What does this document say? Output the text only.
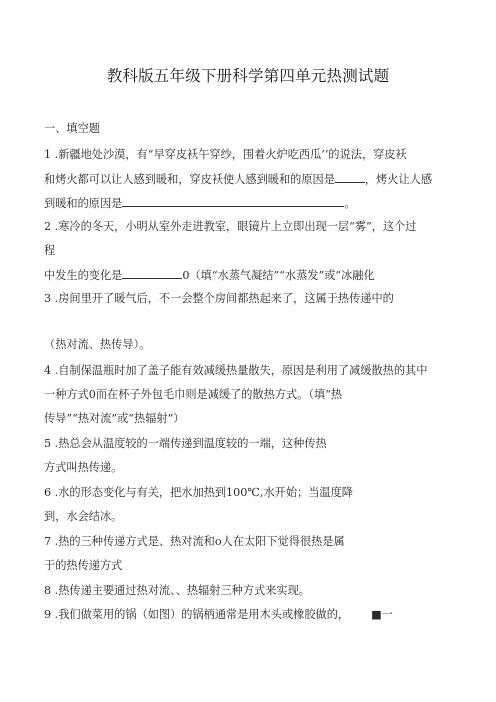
教科版五年级下册科学第四单元热测试题
一、填空题
1 .新疆地处沙漠，有“早穿皮袄午穿纱，围着火炉吃西瓜’’的说法，穿皮袄
和烤火都可以让人感到暖和，穿皮袄使人感到暖和的原因是	，烤火让人感
到暖和的原因是	。
2 .寒冷的冬天，小明从室外走进教室，眼镜片上立即出现一层“雾”，这个过
程
中发生的变化是	0（填“水蒸气凝结”“水蒸发”或“冰融化
3 .房间里开了暖气后，不一会整个房间都热起来了，这属于热传递中的
（热对流、热传导）。
4 .自制保温瓶时加了盖子能有效减缓热量散失，原因是利用了减缓散热的其中
一种方式0而在杯子外包毛巾则是减缓了的散热方式。（填“热
传导”“热对流”或“热辐射”）
5 .热总会从温度较的一端传递到温度较的一端，这种传热
方式叫热传递。
6 .水的形态变化与有关，把水加热到100℃,水开始；当温度降
到，水会结冰。
7 .热的三种传递方式是、热对流和o人在太阳下觉得很热是属
于的热传递方式
8 .热传递主要通过热对流、、热辐射三种方式来实现。
9 .我们做菜用的锅（如图）的锅柄通常是用木头或橡胶做的， ■一
